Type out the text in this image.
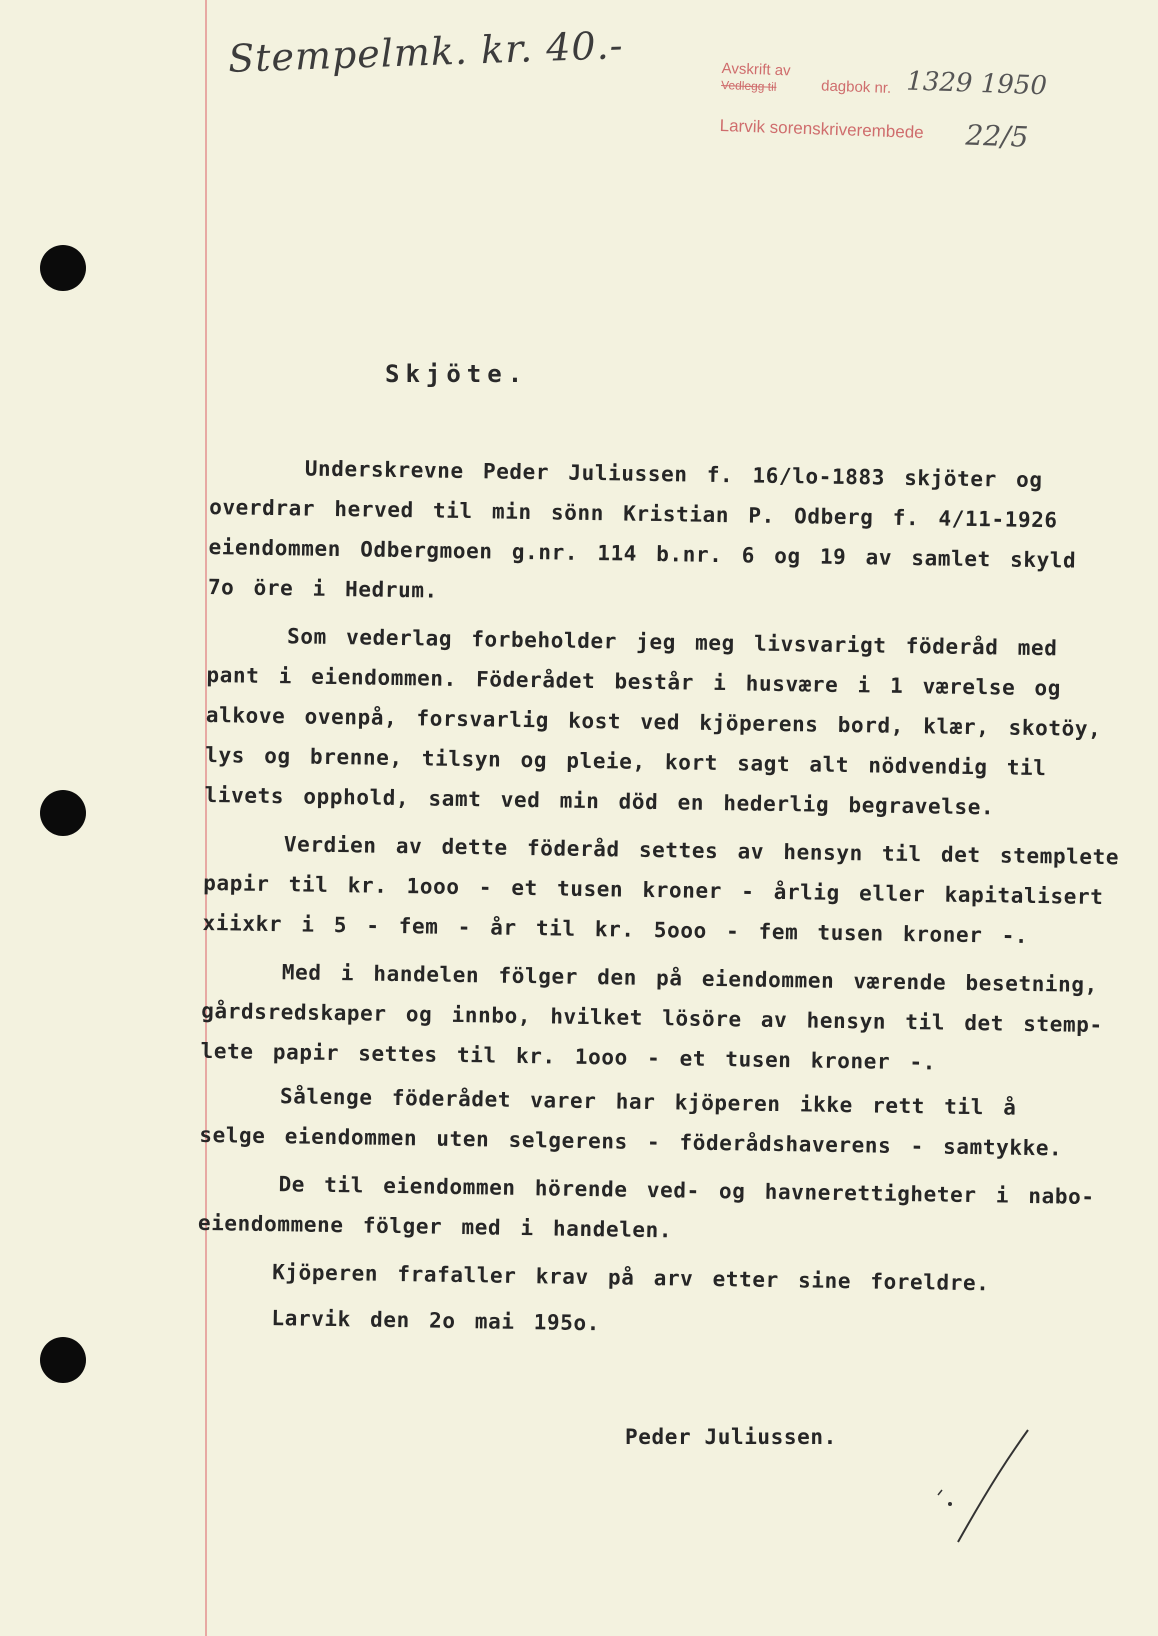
Stempelmk. kr. 40.-	Avskrift av
Vedlegg til	dagbok nr. 1329 1950
Larvik sorenskriverembede 22/5
Skjöte.
Underskrevne Peder Juliussen f. 16/lo-1883 skjöter og
overdrar herved til min sönn Kristian P. Odberg f. 4/11-1926
eiendommen Odbergmoen g.nr. 114 b.nr. 6 og 19 av samlet skyld
7o öre i Hedrum.
Som vederlag forbeholder jeg meg livsvarigt föderåd med
pant i eiendommen. Föderådet består i husvære i 1 værelse og
alkove ovenpå, forsvarlig kost ved kjöperens bord, klær, skotöy,
lys og brenne, tilsyn og pleie, kort sagt alt nödvendig til
livets opphold, samt ved min död en hederlig begravelse.
Verdien av dette föderåd settes av hensyn til det stemplete
papir til kr. 1ooo - et tusen kroner - årlig eller kapitalisert
xiixkr i 5 - fem - år til kr. 5ooo - fem tusen kroner -.
Med i handelen fölger den på eiendommen værende besetning,
gårdsredskaper og innbo, hvilket lösöre av hensyn til det stemp-
lete papir settes til kr. 1ooo - et tusen kroner -.
Sålenge föderådet varer har kjöperen ikke rett til å
selge eiendommen uten selgerens - föderådshaverens - samtykke.
De til eiendommen hörende ved- og havnerettigheter i nabo-
eiendommene fölger med i handelen.
Kjöperen frafaller krav på arv etter sine foreldre.
Larvik den 2o mai 195o.
Peder Juliussen.
